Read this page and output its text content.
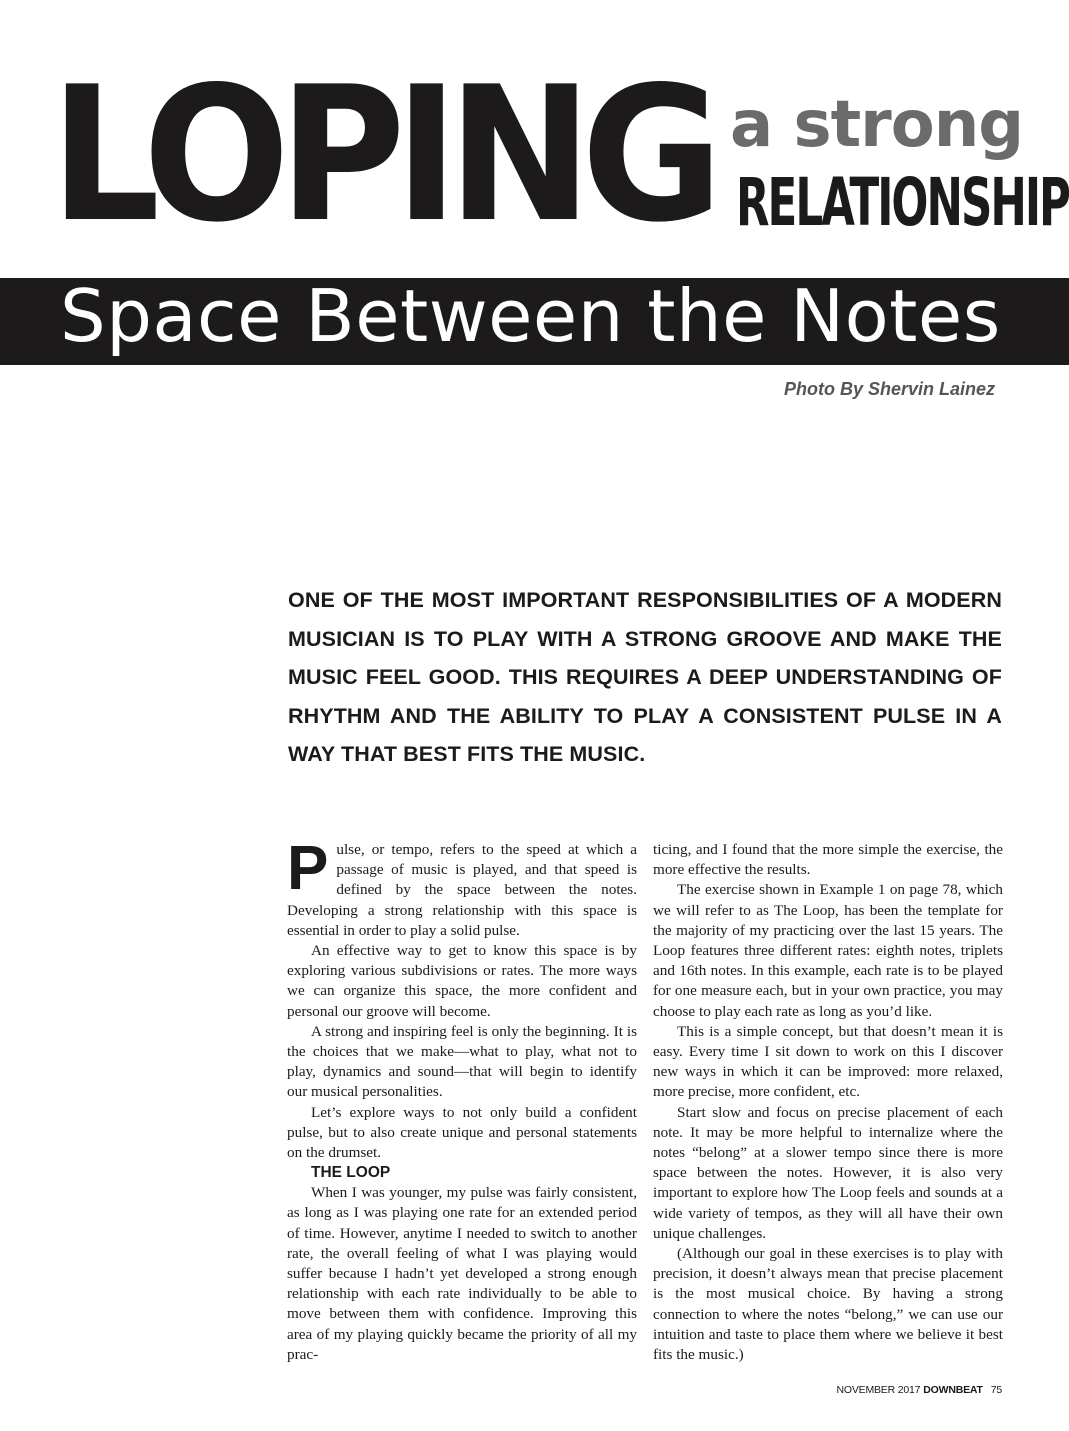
LOPING a strong
RELATIONSHIP
Space Between the Notes
Photo By Shervin Lainez
ONE OF THE MOST IMPORTANT RESPONSIBILITIES OF A MODERN MUSICIAN IS TO PLAY WITH A STRONG GROOVE AND MAKE THE MUSIC FEEL GOOD. THIS REQUIRES A DEEP UNDERSTANDING OF RHYTHM AND THE ABILITY TO PLAY A CONSISTENT PULSE IN A WAY THAT BEST FITS THE MUSIC.

Pulse, or tempo, refers to the speed at which a passage of music is played, and that speed is defined by the space between the notes. Developing a strong relationship with this space is essential in order to play a solid pulse.

An effective way to get to know this space is by exploring various subdivisions or rates. The more ways we can organize this space, the more confident and personal our groove will become.

A strong and inspiring feel is only the beginning. It is the choices that we make—what to play, what not to play, dynamics and sound—that will begin to identify our musical personalities.

Let’s explore ways to not only build a confident pulse, but to also create unique and personal statements on the drumset.

THE LOOP

When I was younger, my pulse was fairly consistent, as long as I was playing one rate for an extended period of time. However, anytime I needed to switch to another rate, the overall feeling of what I was playing would suffer because I hadn’t yet developed a strong enough relationship with each rate individually to be able to move between them with confidence. Improving this area of my playing quickly became the priority of all my prac-

ticing, and I found that the more simple the exercise, the more effective the results.

The exercise shown in Example 1 on page 78, which we will refer to as The Loop, has been the template for the majority of my practicing over the last 15 years. The Loop features three different rates: eighth notes, triplets and 16th notes. In this example, each rate is to be played for one measure each, but in your own practice, you may choose to play each rate as long as you’d like.

This is a simple concept, but that doesn’t mean it is easy. Every time I sit down to work on this I discover new ways in which it can be improved: more relaxed, more precise, more confident, etc.

Start slow and focus on precise placement of each note. It may be more helpful to internalize where the notes “belong” at a slower tempo since there is more space between the notes. However, it is also very important to explore how The Loop feels and sounds at a wide variety of tempos, as they will all have their own unique challenges.

(Although our goal in these exercises is to play with precision, it doesn’t always mean that precise placement is the most musical choice. By having a strong connection to where the notes “belong,” we can use our intuition and taste to place them where we believe it best fits the music.)

NOVEMBER 2017 DOWNBEAT 75
